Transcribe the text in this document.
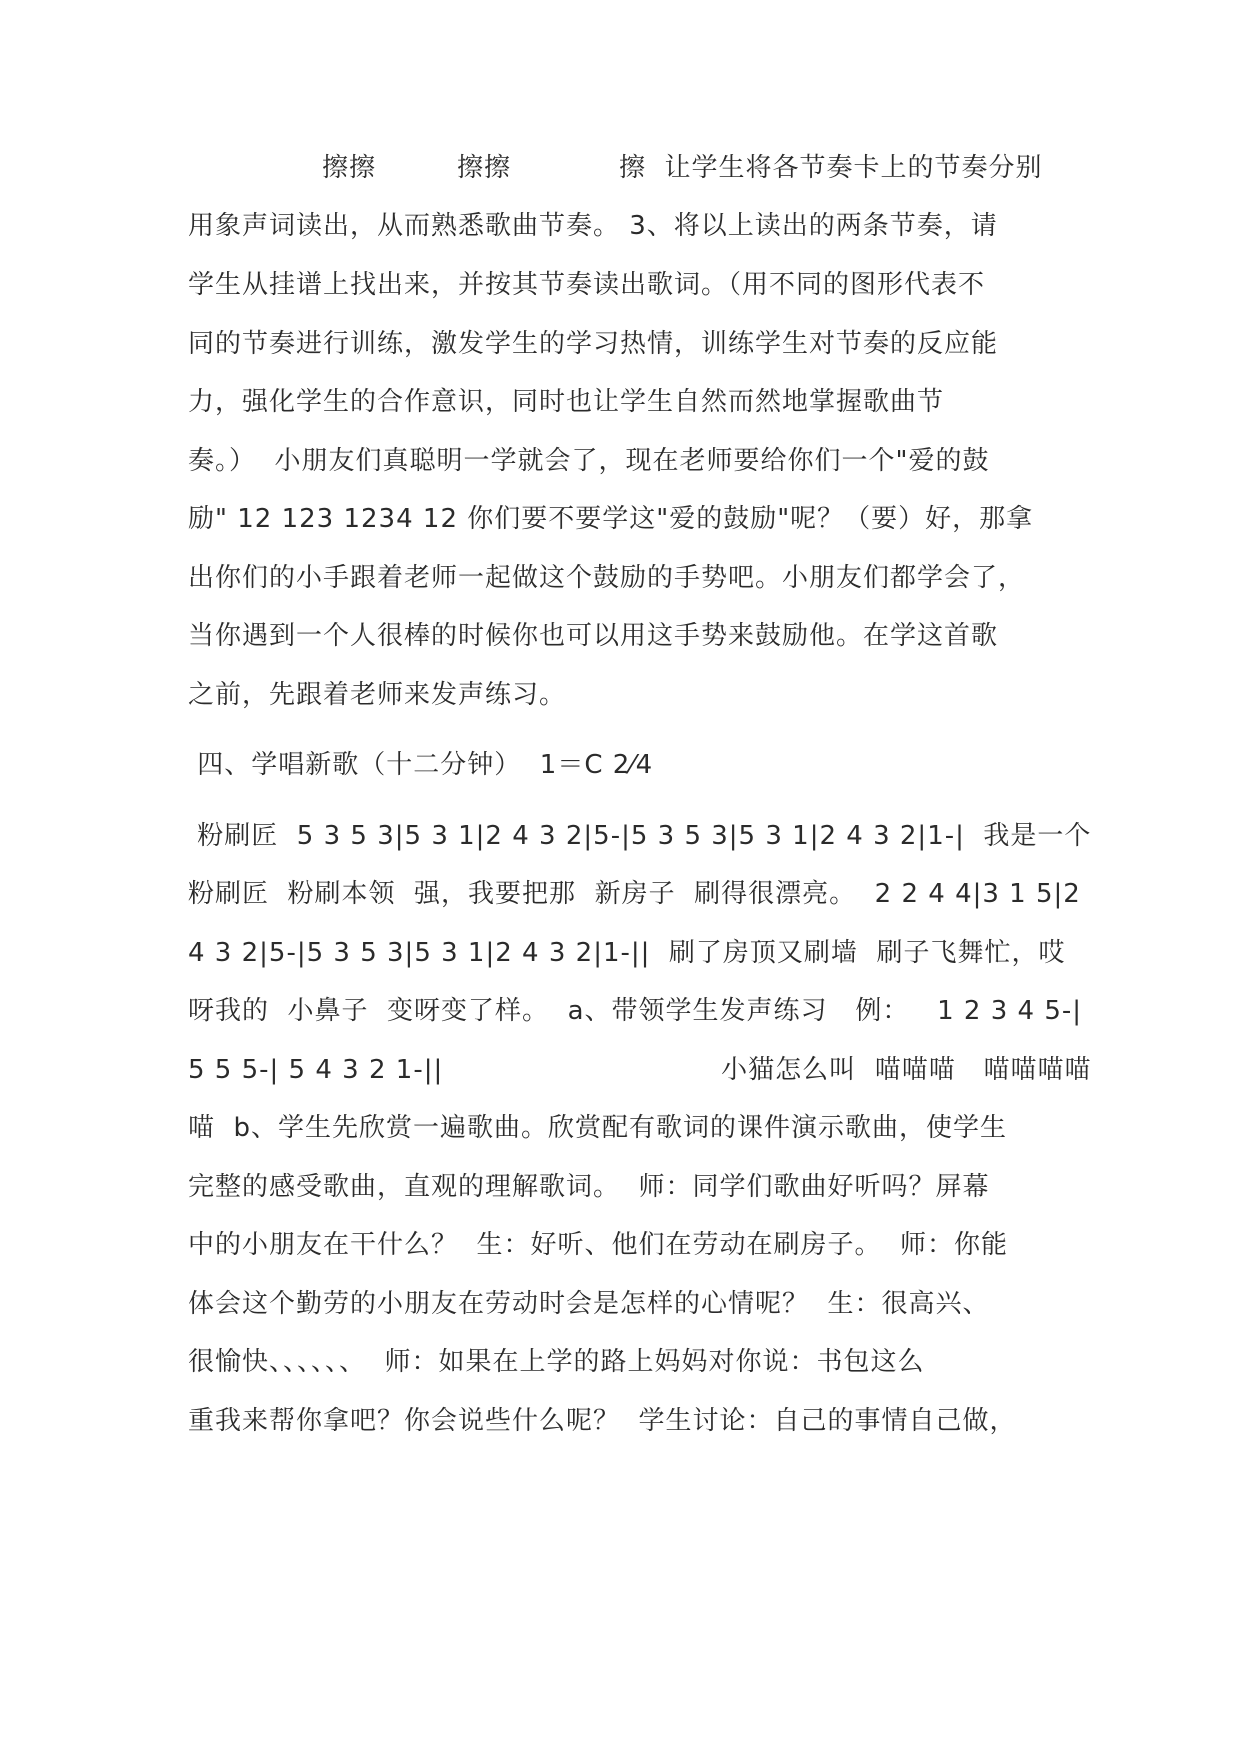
擦擦　　　擦擦　　　　擦  让学生将各节奏卡上的节奏分别
用象声词读出，从而熟悉歌曲节奏。 3、将以上读出的两条节奏，请
学生从挂谱上找出来，并按其节奏读出歌词。（用不同的图形代表不
同的节奏进行训练，激发学生的学习热情，训练学生对节奏的反应能
力，强化学生的合作意识，同时也让学生自然而然地掌握歌曲节
奏。）  小朋友们真聪明一学就会了，现在老师要给你们一个"爱的鼓
励" 12 123 1234 12 你们要不要学这"爱的鼓励"呢？（要）好，那拿
出你们的小手跟着老师一起做这个鼓励的手势吧。小朋友们都学会了，
当你遇到一个人很棒的时候你也可以用这手势来鼓励他。在学这首歌
之前，先跟着老师来发声练习。
四、学唱新歌（十二分钟）  1＝C 2⁄4
粉刷匠  5 3 5 3|5 3 1|2 4 3 2|5-|5 3 5 3|5 3 1|2 4 3 2|1-|  我是一个
粉刷匠  粉刷本领  强，我要把那  新房子  刷得很漂亮。  2 2 4 4|3 1 5|2
4 3 2|5-|5 3 5 3|5 3 1|2 4 3 2|1-||  刷了房顶又刷墙  刷子飞舞忙，哎
呀我的  小鼻子  变呀变了样。  a、带领学生发声练习   例：   1 2 3 4 5-|
5 5 5-| 5 4 3 2 1-||                              小猫怎么叫  喵喵喵   喵喵喵喵
喵  b、学生先欣赏一遍歌曲。欣赏配有歌词的课件演示歌曲，使学生
完整的感受歌曲，直观的理解歌词。  师：同学们歌曲好听吗？屏幕
中的小朋友在干什么？  生：好听、他们在劳动在刷房子。  师：你能
体会这个勤劳的小朋友在劳动时会是怎样的心情呢？  生：很高兴、
很愉快、、、、、、  师：如果在上学的路上妈妈对你说：书包这么
重我来帮你拿吧？你会说些什么呢？  学生讨论：自己的事情自己做，
